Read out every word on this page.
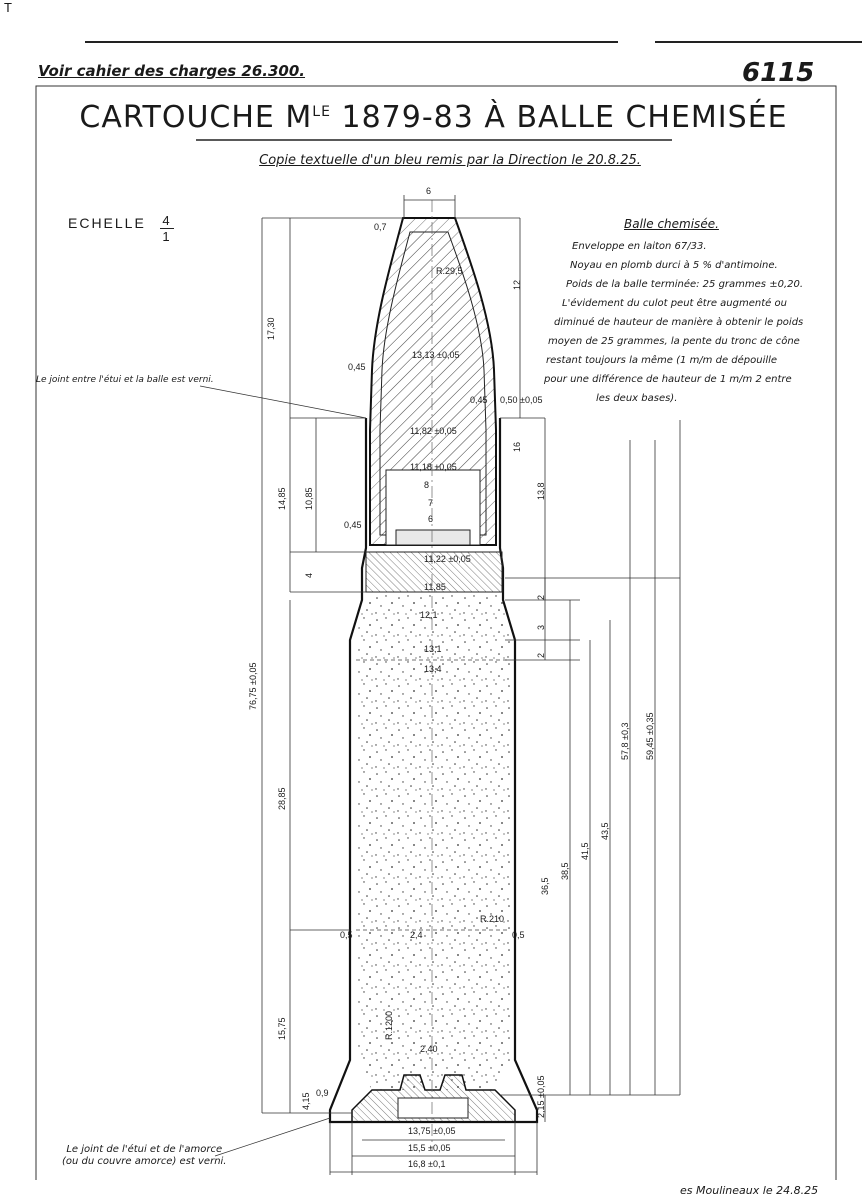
T
Voir cahier des charges 26.300.	6115
CARTOUCHE $M^{LE}$ 1879-83 À BALLE CHEMISÉE
Copie textuelle d'un bleu remis par la Direction le 20.8.25.
ECHELLE $\frac{4}{1}$	Balle chemisée.
Enveloppe en laiton 67/33.
Noyau en plomb durci à 5 % d'antimoine.
Poids de la balle terminée: 25 grammes ±0,20.
L'évidement du culot peut être augmenté ou
diminué de hauteur de manière à obtenir le poids
moyen de 25 grammes, la pente du tronc de cône
restant toujours la même (1 m/m de dépouille
pour une différence de hauteur de 1 m/m 2 entre
les deux bases).
Le joint entre l'étui et la balle est verni.
Le joint de l'étui et de l'amorce
(ou du couvre amorce) est verni.
17,30
14,85 10,85
4
76,75 ±0,05
28,85
15,75
4,15
12
16
13,8
2
3
2
57,8 ±0,3 59,45 ±0,35
43,5
41,5
38,5
36,5
2,15 ±0,05
6
0,7
R.29,5
13,13 ±0,05
0,45
0,45 0,50 ±0,05
11,82 ±0,05
11,18 ±0,05
8
7
6
0,45
11,22 ±0,05
11,85
12,1
13,1
13,4
R.210
0,5	0,5
2,4
R.1200
2,40
0,9
13,75 ±0,05
15,5 ±0,05
16,8 ±0,1
es Moulineaux le 24.8.25
